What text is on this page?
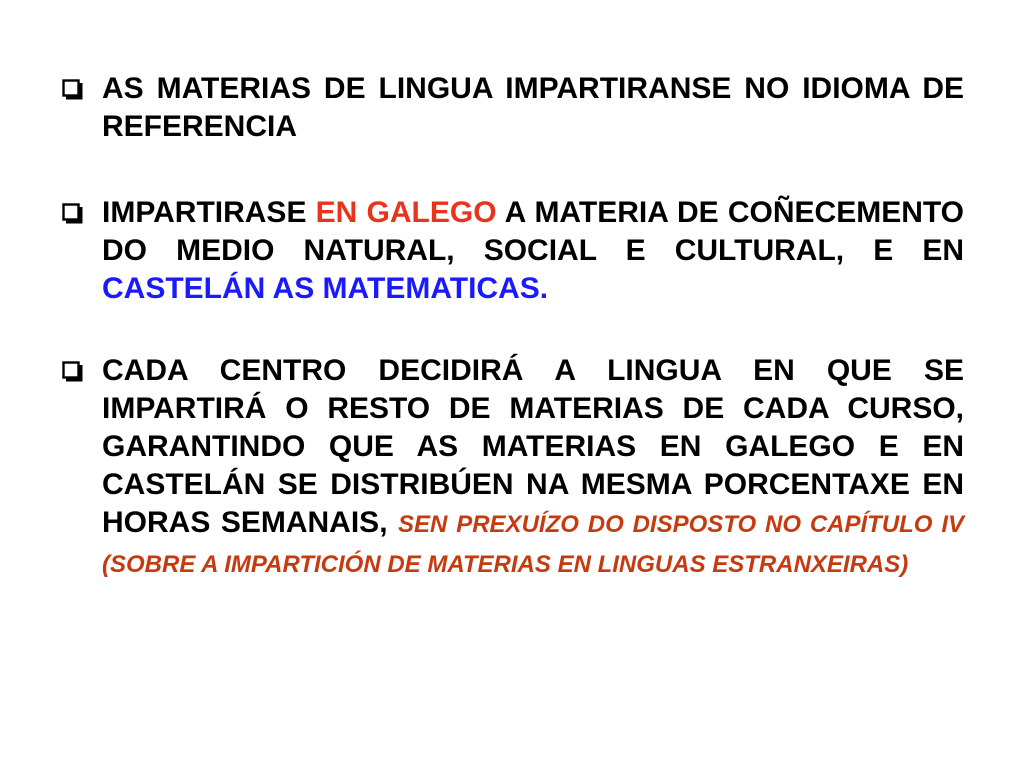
AS MATERIAS DE LINGUA IMPARTIRANSE NO IDIOMA DE REFERENCIA
IMPARTIRASE EN GALEGO A MATERIA DE COÑECEMENTO DO MEDIO NATURAL, SOCIAL E CULTURAL, E EN CASTELÁN AS MATEMATICAS.
CADA CENTRO DECIDIRÁ A LINGUA EN QUE SE IMPARTIRÁ O RESTO DE MATERIAS DE CADA CURSO, GARANTINDO QUE AS MATERIAS EN GALEGO E EN CASTELÁN SE DISTRIBÚEN NA MESMA PORCENTAXE EN HORAS SEMANAIS, SEN PREXUÍZO DO DISPOSTO NO CAPÍTULO IV (SOBRE A IMPARTICIÓN DE MATERIAS EN LINGUAS ESTRANXEIRAS)
